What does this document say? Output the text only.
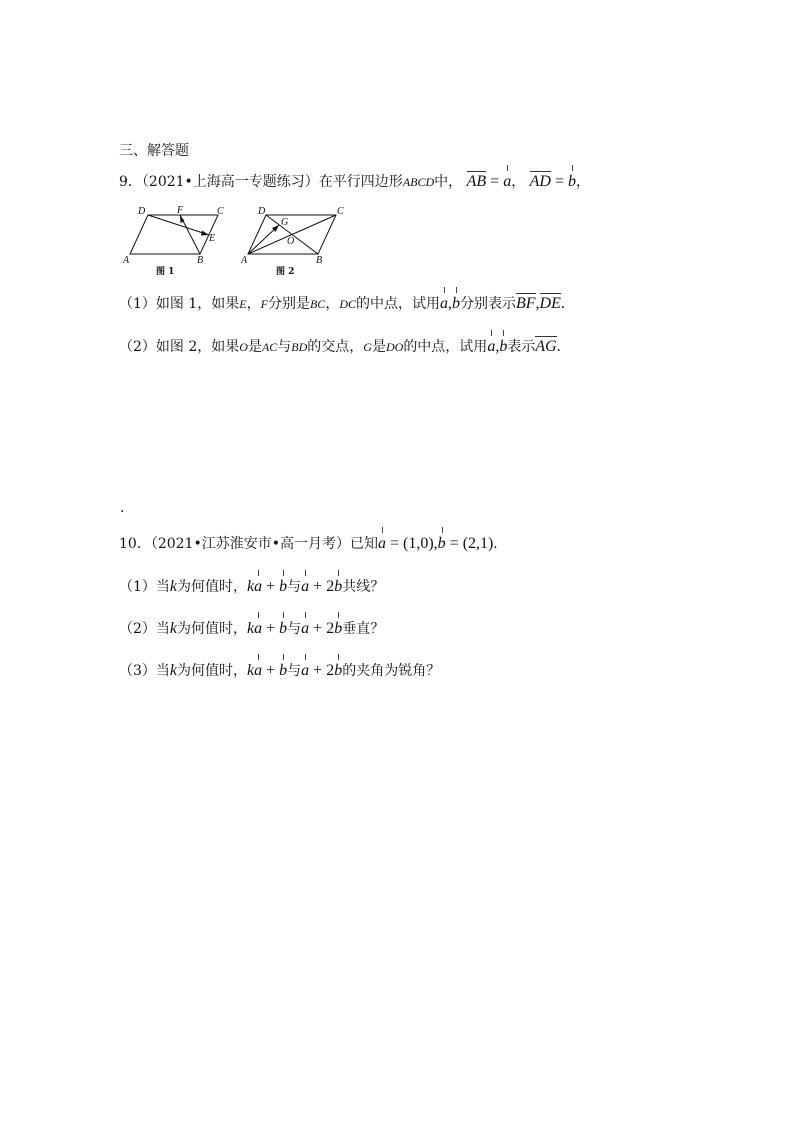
三、解答题
9．（2021•上海高一专题练习）在平行四边形ABCD中， AB = a， AD = b，
D	F	C
E
A	B
图 1
D
G
C
O
A	B
图 2
（1）如图 1，如果E，F分别是BC，DC的中点，试用a,b分别表示BF,DE.
（2）如图 2，如果O是AC与BD的交点，G是DO的中点，试用a,b表示AG.
.
10．（2021•江苏淮安市•高一月考）已知a = (1,0),b = (2,1).
（1）当k为何值时，ka + b与a + 2b共线？
（2）当k为何值时，ka + b与a + 2b垂直？
（3）当k为何值时，ka + b与a + 2b的夹角为锐角？
